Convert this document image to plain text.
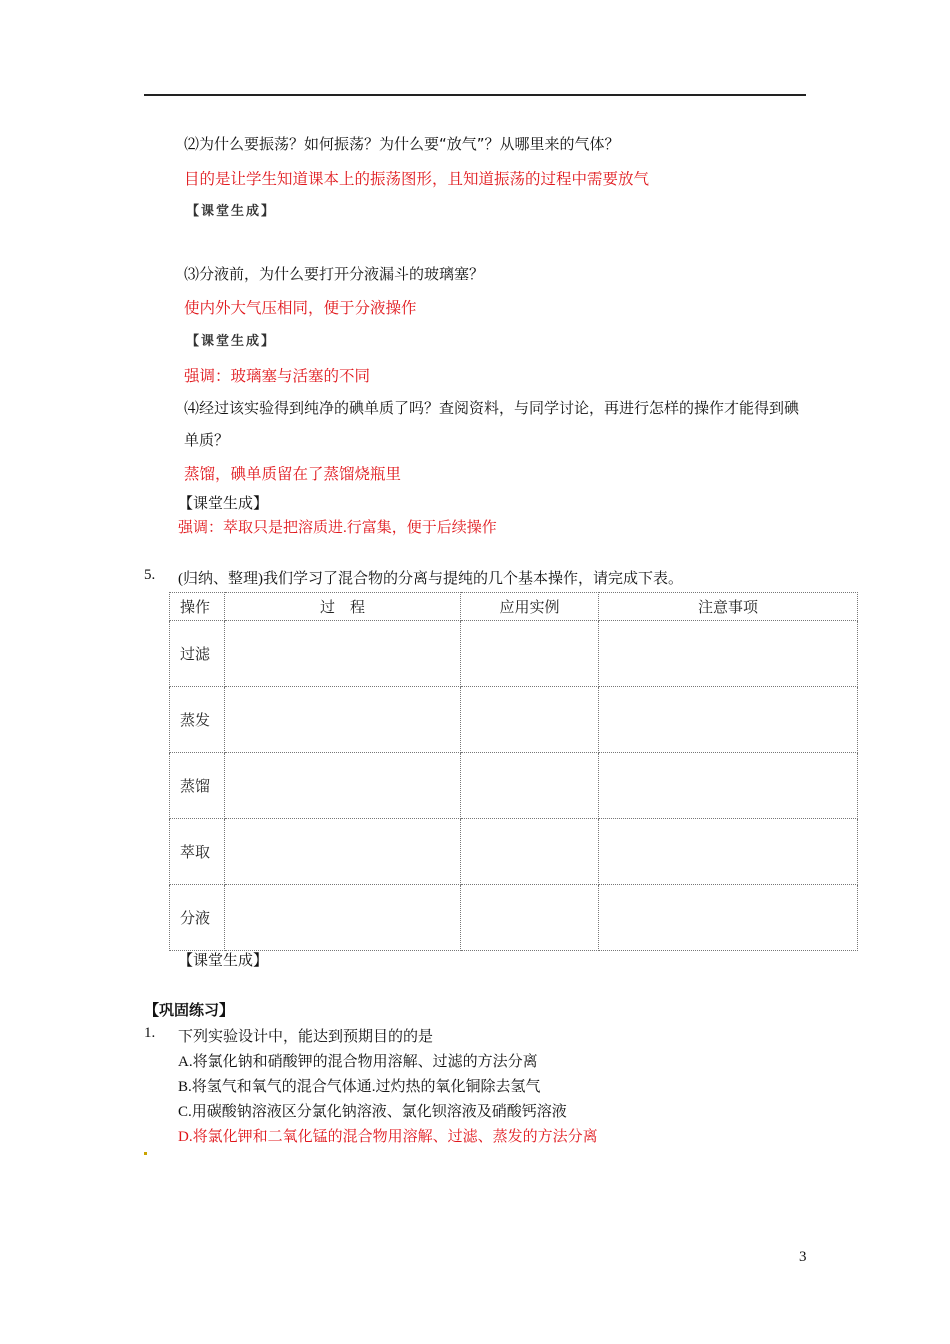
⑵为什么要振荡？如何振荡？为什么要“放气”？从哪里来的气体？
目的是让学生知道课本上的振荡图形，且知道振荡的过程中需要放气
【课堂生成】
⑶分液前，为什么要打开分液漏斗的玻璃塞？
使内外大气压相同，便于分液操作
【课堂生成】
强调：玻璃塞与活塞的不同
⑷经过该实验得到纯净的碘单质了吗？查阅资料，与同学讨论，再进行怎样的操作才能得到碘
单质？
蒸馏，碘单质留在了蒸馏烧瓶里
【课堂生成】
强调：萃取只是把溶质进.行富集，便于后续操作
5. (归纳、整理)我们学习了混合物的分离与提纯的几个基本操作，请完成下表。
操作	过　程	应用实例	注意事项
过滤			
蒸发			
蒸馏			
萃取			
分液			
【课堂生成】
【巩固练习】
1. 下列实验设计中，能达到预期目的的是
A.将氯化钠和硝酸钾的混合物用溶解、过滤的方法分离
B.将氢气和氧气的混合气体通.过灼热的氧化铜除去氢气
C.用碳酸钠溶液区分氯化钠溶液、氯化钡溶液及硝酸钙溶液
D.将氯化钾和二氧化锰的混合物用溶解、过滤、蒸发的方法分离
3
